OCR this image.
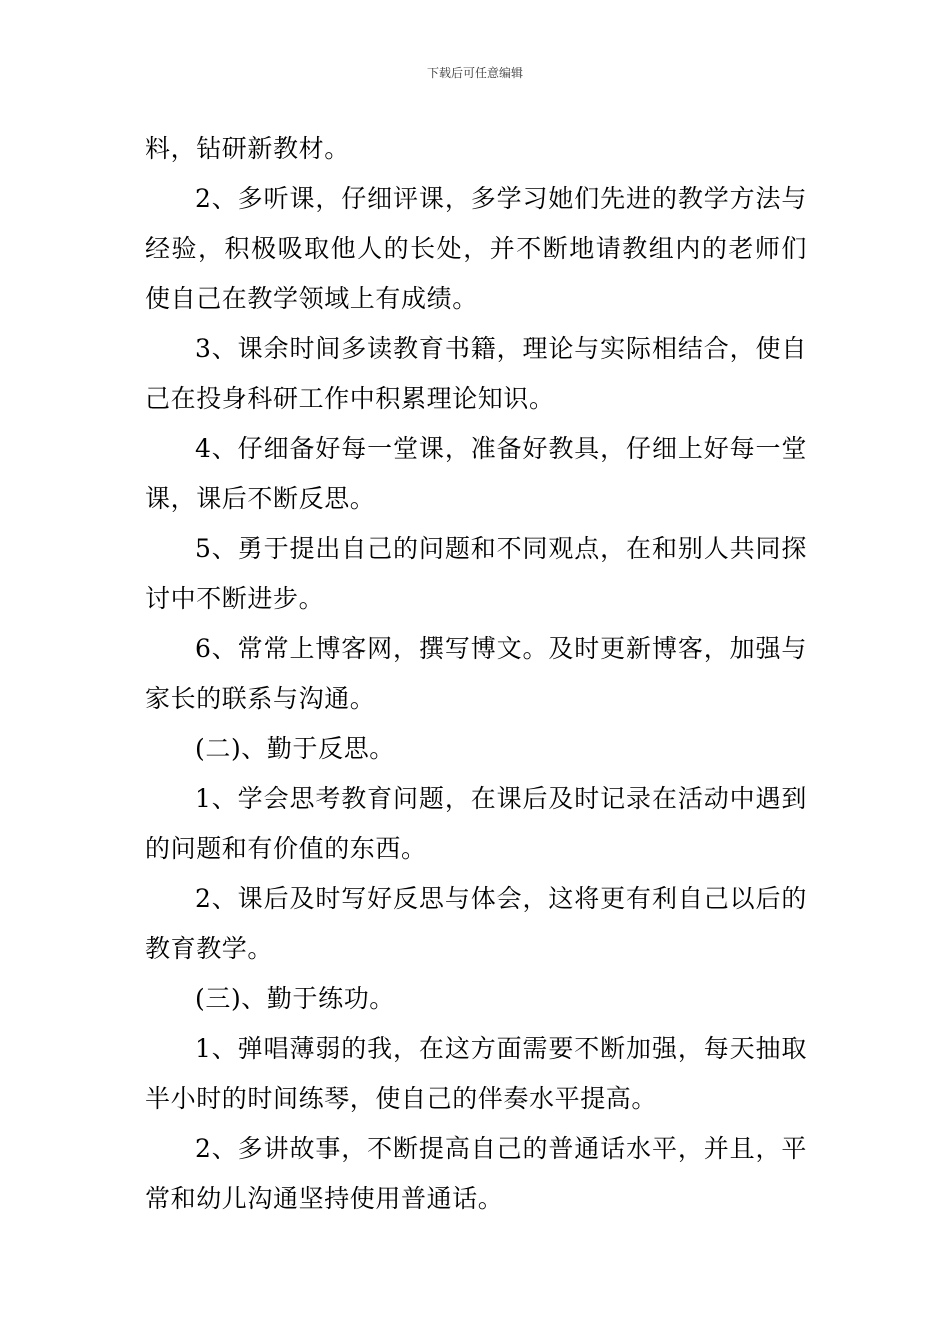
下载后可任意编辑

料，钻研新教材。

2、多听课，仔细评课，多学习她们先进的教学方法与经验，积极吸取他人的长处，并不断地请教组内的老师们使自己在教学领域上有成绩。

3、课余时间多读教育书籍，理论与实际相结合，使自己在投身科研工作中积累理论知识。

4、仔细备好每一堂课，准备好教具，仔细上好每一堂课，课后不断反思。

5、勇于提出自己的问题和不同观点，在和别人共同探讨中不断进步。

6、常常上博客网，撰写博文。及时更新博客，加强与家长的联系与沟通。

(二)、勤于反思。

1、学会思考教育问题，在课后及时记录在活动中遇到的问题和有价值的东西。

2、课后及时写好反思与体会，这将更有利自己以后的教育教学。

(三)、勤于练功。

1、弹唱薄弱的我，在这方面需要不断加强，每天抽取半小时的时间练琴，使自己的伴奏水平提高。

2、多讲故事，不断提高自己的普通话水平，并且，平常和幼儿沟通坚持使用普通话。
